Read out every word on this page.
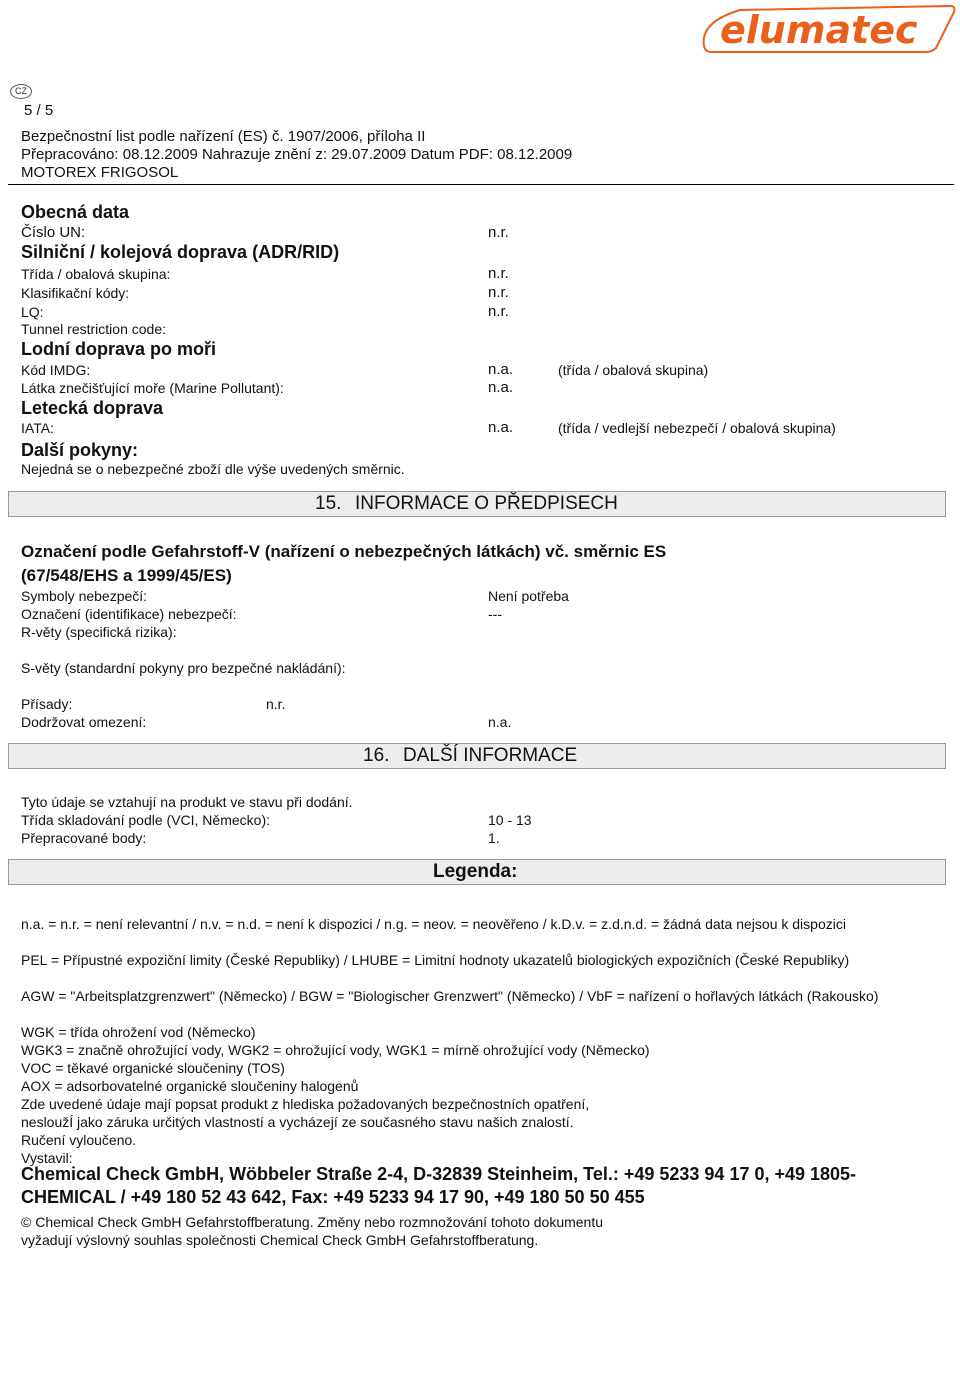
elumatec
CZ
5 / 5
Bezpečnostní list podle nařízení (ES) č. 1907/2006, příloha II
Přepracováno: 08.12.2009 Nahrazuje znění z: 29.07.2009 Datum PDF: 08.12.2009
MOTOREX FRIGOSOL
Obecná data
Číslo UN:	n.r.
Silniční / kolejová doprava (ADR/RID)
Třída / obalová skupina:	n.r.
Klasifikační kódy:	n.r.
LQ:	n.r.
Tunnel restriction code:
Lodní doprava po moři
Kód IMDG:	n.a.	(třída / obalová skupina)
Látka znečišťující moře (Marine Pollutant):	n.a.
Letecká doprava
IATA:	n.a.	(třída / vedlejší nebezpečí / obalová skupina)
Další pokyny:
Nejedná se o nebezpečné zboží dle výše uvedených směrnic.
15. INFORMACE O PŘEDPISECH
Označení podle Gefahrstoff-V (nařízení o nebezpečných látkách) vč. směrnic ES
(67/548/EHS a 1999/45/ES)
Symboly nebezpečí:	Není potřeba
Označení (identifikace) nebezpečí:	---
R-věty (specifická rizika):
S-věty (standardní pokyny pro bezpečné nakládání):
Přísady:	n.r.
Dodržovat omezení:	n.a.
16. DALŠÍ INFORMACE
Tyto údaje se vztahují na produkt ve stavu při dodání.
Třída skladování podle (VCI, Německo):	10 - 13
Přepracované body:	1.
Legenda:
n.a. = n.r. = není relevantní / n.v. = n.d. = není k dispozici / n.g. = neov. = neověřeno / k.D.v. = z.d.n.d. = žádná data nejsou k dispozici
PEL = Přípustné expoziční limity (České Republiky) / LHUBE = Limitní hodnoty ukazatelů biologických expozičních (České Republiky)
AGW = "Arbeitsplatzgrenzwert" (Německo) / BGW = "Biologischer Grenzwert" (Německo) / VbF = nařízení o hořlavých látkách (Rakousko)
WGK = třída ohrožení vod (Německo)
WGK3 = značně ohrožující vody, WGK2 = ohrožující vody, WGK1 = mírně ohrožující vody (Německo)
VOC = těkavé organické sloučeniny (TOS)
AOX = adsorbovatelné organické sloučeniny halogenů
Zde uvedené údaje mají popsat produkt z hlediska požadovaných bezpečnostních opatření,
nesloužÍ jako záruka určitých vlastností a vycházejí ze současného stavu našich znalostí.
Ručení vyloučeno.
Vystavil:
Chemical Check GmbH, Wöbbeler Straße 2-4, D-32839 Steinheim, Tel.: +49 5233 94 17 0, +49 1805-
CHEMICAL / +49 180 52 43 642, Fax: +49 5233 94 17 90, +49 180 50 50 455
© Chemical Check GmbH Gefahrstoffberatung. Změny nebo rozmnožování tohoto dokumentu
vyžadují výslovný souhlas společnosti Chemical Check GmbH Gefahrstoffberatung.
